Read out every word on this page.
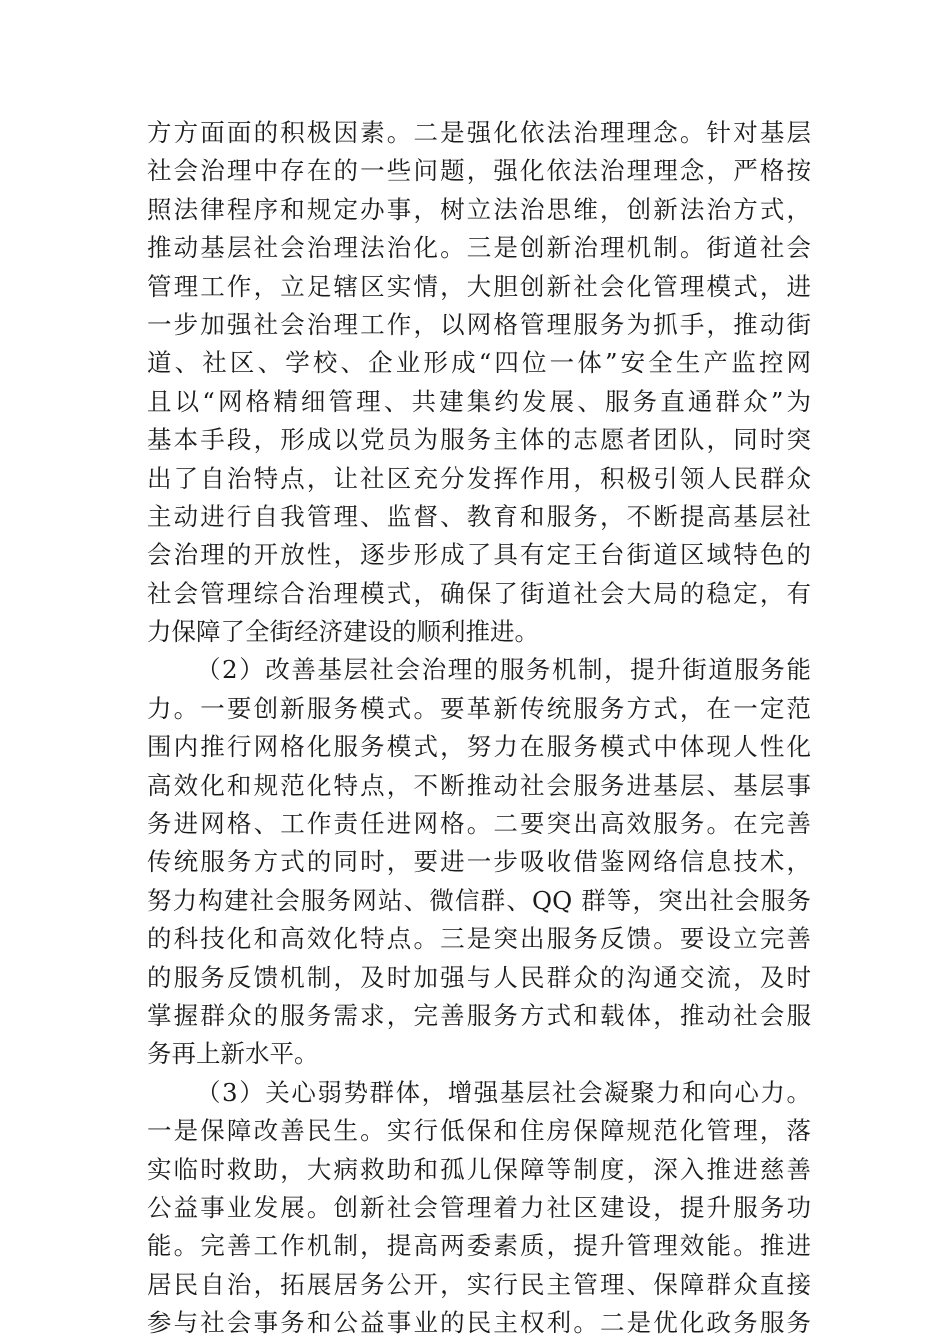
方方面面的积极因素。二是强化依法治理理念。针对基层
社会治理中存在的一些问题，强化依法治理理念，严格按
照法律程序和规定办事，树立法治思维，创新法治方式，
推动基层社会治理法治化。三是创新治理机制。街道社会
管理工作，立足辖区实情，大胆创新社会化管理模式，进
一步加强社会治理工作，以网格管理服务为抓手，推动街
道、社区、学校、企业形成“四位一体”安全生产监控网
且以“网格精细管理、共建集约发展、服务直通群众”为
基本手段，形成以党员为服务主体的志愿者团队，同时突
出了自治特点，让社区充分发挥作用，积极引领人民群众
主动进行自我管理、监督、教育和服务，不断提高基层社
会治理的开放性，逐步形成了具有定王台街道区域特色的
社会管理综合治理模式，确保了街道社会大局的稳定，有
力保障了全街经济建设的顺利推进。
（2）改善基层社会治理的服务机制，提升街道服务能
力。一要创新服务模式。要革新传统服务方式，在一定范
围内推行网格化服务模式，努力在服务模式中体现人性化
高效化和规范化特点，不断推动社会服务进基层、基层事
务进网格、工作责任进网格。二要突出高效服务。在完善
传统服务方式的同时，要进一步吸收借鉴网络信息技术，
努力构建社会服务网站、微信群、QQ 群等，突出社会服务
的科技化和高效化特点。三是突出服务反馈。要设立完善
的服务反馈机制，及时加强与人民群众的沟通交流，及时
掌握群众的服务需求，完善服务方式和载体，推动社会服
务再上新水平。
（3）关心弱势群体，增强基层社会凝聚力和向心力。
一是保障改善民生。实行低保和住房保障规范化管理，落
实临时救助，大病救助和孤儿保障等制度，深入推进慈善
公益事业发展。创新社会管理着力社区建设，提升服务功
能。完善工作机制，提高两委素质，提升管理效能。推进
居民自治，拓展居务公开，实行民主管理、保障群众直接
参与社会事务和公益事业的民主权利。二是优化政务服务
